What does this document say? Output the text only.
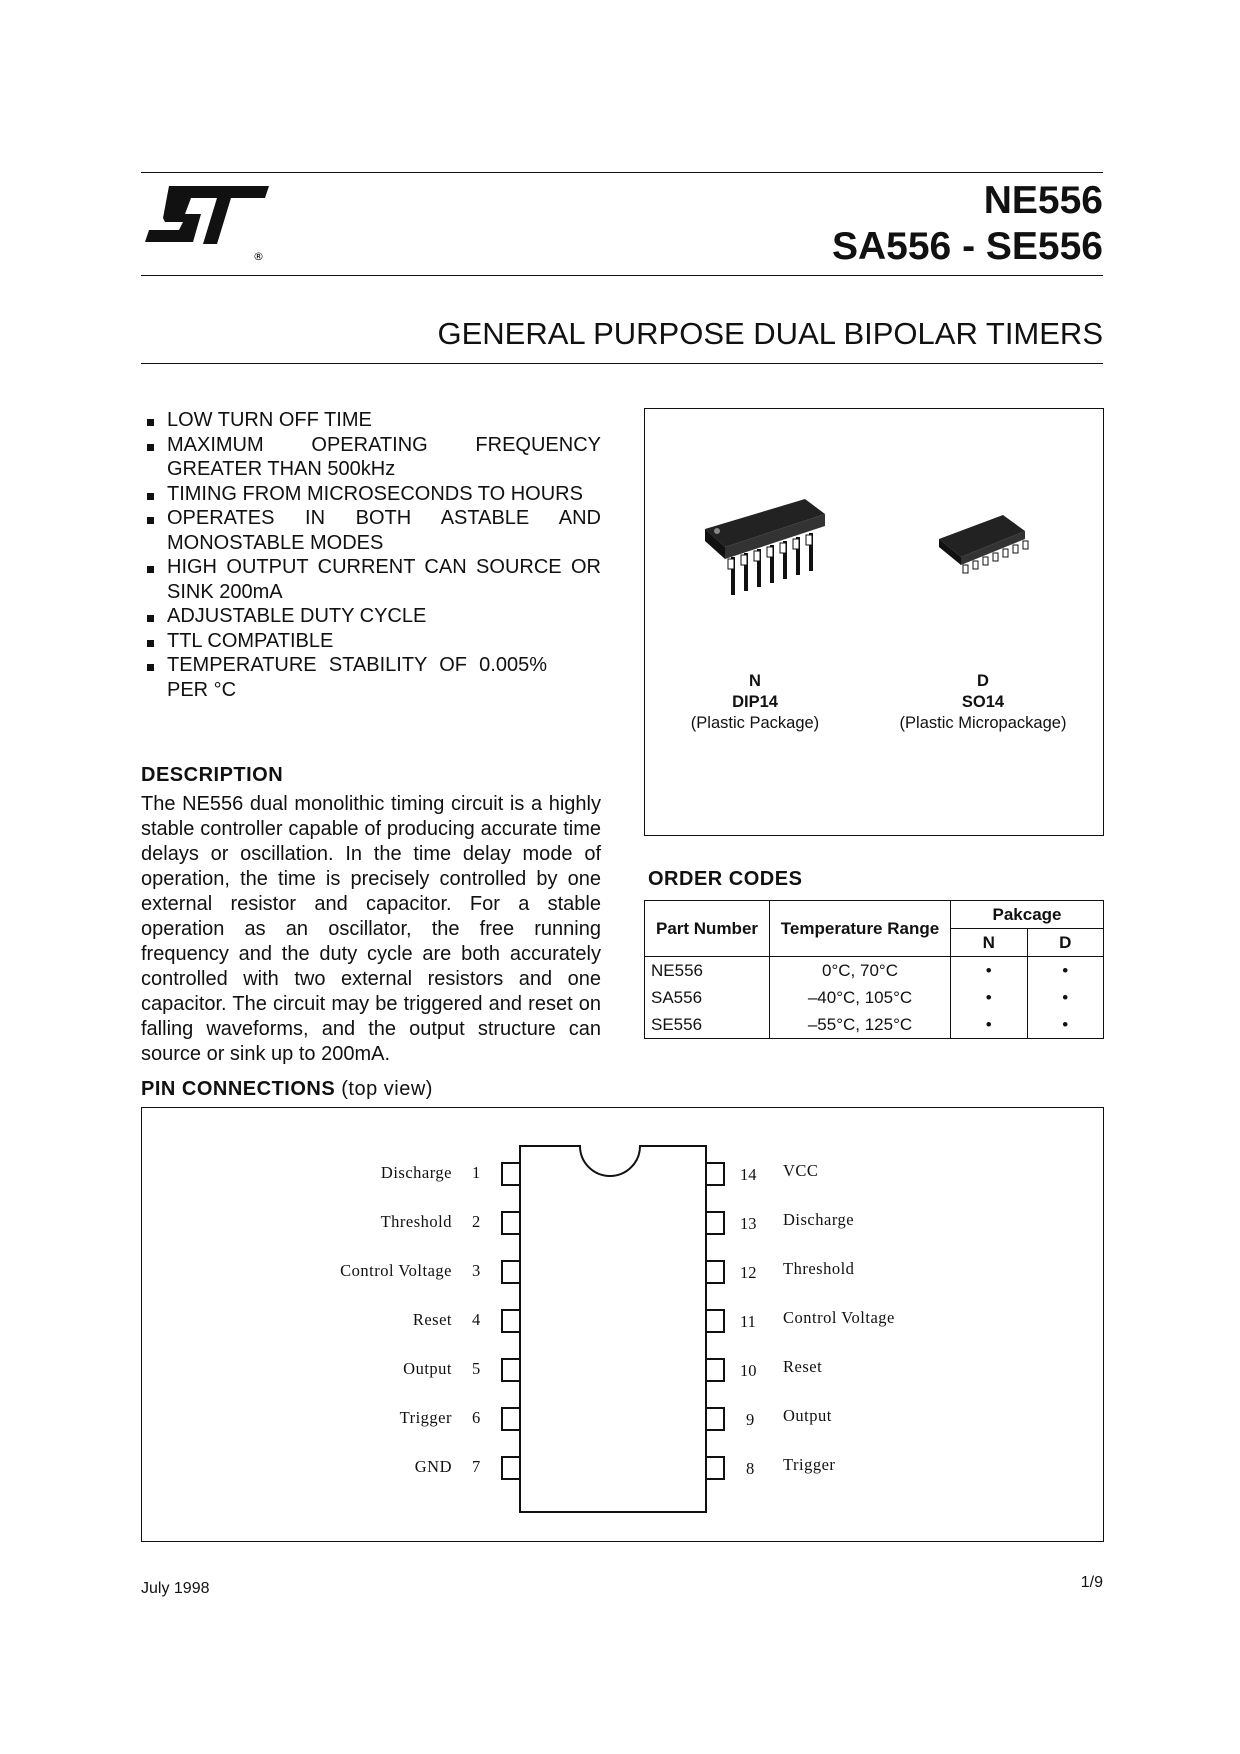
®
NE556
SA556 - SE556
GENERAL PURPOSE DUAL BIPOLAR TIMERS
LOW TURN OFF TIME
MAXIMUM OPERATING FREQUENCY GREATER THAN 500kHz
TIMING FROM MICROSECONDS TO HOURS
OPERATES IN BOTH ASTABLE AND MONOSTABLE MODES
HIGH OUTPUT CURRENT CAN SOURCE OR SINK 200mA
ADJUSTABLE DUTY CYCLE
TTL COMPATIBLE
TEMPERATURE STABILITY OF 0.005% PER °C
DESCRIPTION

The NE556 dual monolithic timing circuit is a highly stable controller capable of producing accurate time delays or oscillation. In the time delay mode of operation, the time is precisely controlled by one external resistor and capacitor. For a stable operation as an oscillator, the free running frequency and the duty cycle are both accurately controlled with two external resistors and one capacitor. The circuit may be triggered and reset on falling waveforms, and the output structure can source or sink up to 200mA.

N
DIP14
(Plastic Package)
D
SO14
(Plastic Micropackage)
ORDER CODES
Part Number	Temperature Range	Pakcage	
		N	D
NE556	0°C, 70°C	•	•
SA556	–40°C, 105°C	•	•
SE556	–55°C, 125°C	•	•
PIN CONNECTIONS (top view)
Discharge 1
Threshold 2
Control Voltage 3
Reset 4
Output 5
Trigger 6
GND 7
14 VCC
13 Discharge
12 Threshold
11 Control Voltage
10 Reset
9 Output
8 Trigger
July 1998	1/9
